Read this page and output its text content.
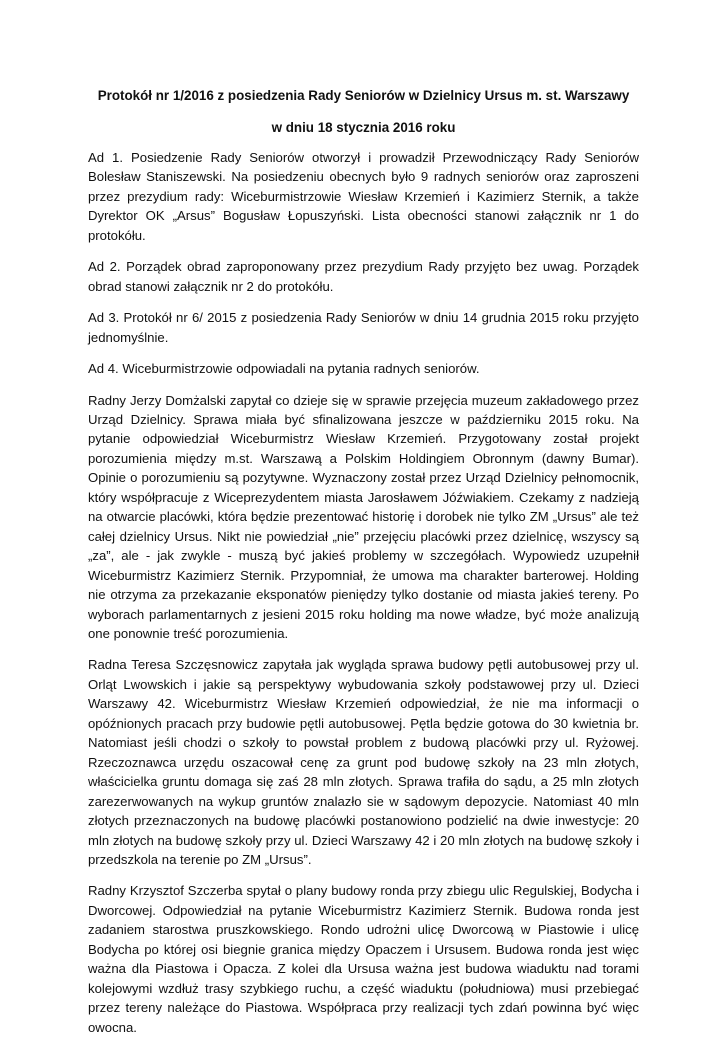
Protokół nr 1/2016 z posiedzenia Rady Seniorów w Dzielnicy Ursus m. st. Warszawy

w dniu 18 stycznia 2016 roku

Ad 1. Posiedzenie Rady Seniorów otworzył i prowadził Przewodniczący Rady Seniorów Bolesław Staniszewski. Na posiedzeniu obecnych było 9 radnych seniorów oraz zaproszeni przez prezydium rady: Wiceburmistrzowie Wiesław Krzemień i Kazimierz Sternik, a także Dyrektor OK „Arsus” Bogusław Łopuszyński. Lista obecności stanowi załącznik nr 1 do protokółu.

Ad 2. Porządek obrad zaproponowany przez prezydium Rady przyjęto bez uwag. Porządek obrad stanowi załącznik nr 2 do protokółu.

Ad 3. Protokół nr 6/ 2015 z posiedzenia Rady Seniorów w dniu 14 grudnia 2015 roku przyjęto jednomyślnie.

Ad 4. Wiceburmistrzowie odpowiadali na pytania radnych seniorów.

Radny Jerzy Domżalski zapytał co dzieje się w sprawie przejęcia muzeum zakładowego przez Urząd Dzielnicy. Sprawa miała być sfinalizowana jeszcze w październiku 2015 roku. Na pytanie odpowiedział Wiceburmistrz Wiesław Krzemień. Przygotowany został projekt porozumienia między m.st. Warszawą a Polskim Holdingiem Obronnym (dawny Bumar). Opinie o porozumieniu są pozytywne. Wyznaczony został przez Urząd Dzielnicy pełnomocnik, który współpracuje z Wiceprezydentem miasta Jarosławem Jóźwiakiem. Czekamy z nadzieją na otwarcie placówki, która będzie prezentować historię i dorobek nie tylko ZM „Ursus” ale też całej dzielnicy Ursus. Nikt nie powiedział „nie” przejęciu placówki przez dzielnicę, wszyscy są „za”, ale - jak zwykle - muszą być jakieś problemy w szczegółach. Wypowiedz uzupełnił Wiceburmistrz Kazimierz Sternik. Przypomniał, że umowa ma charakter barterowej. Holding nie otrzyma za przekazanie eksponatów pieniędzy tylko dostanie od miasta jakieś tereny. Po wyborach parlamentarnych z jesieni 2015 roku holding ma nowe władze, być może analizują one ponownie treść porozumienia.

Radna Teresa Szczęsnowicz zapytała jak wygląda sprawa budowy pętli autobusowej przy ul. Orląt Lwowskich i jakie są perspektywy wybudowania szkoły podstawowej przy ul. Dzieci Warszawy 42. Wiceburmistrz Wiesław Krzemień odpowiedział, że nie ma informacji o opóźnionych pracach przy budowie pętli autobusowej. Pętla będzie gotowa do 30 kwietnia br. Natomiast jeśli chodzi o szkoły to powstał problem z budową placówki przy ul. Ryżowej. Rzeczoznawca urzędu oszacował cenę za grunt pod budowę szkoły na 23 mln złotych, właścicielka gruntu domaga się zaś 28 mln złotych. Sprawa trafiła do sądu, a 25 mln złotych zarezerwowanych na wykup gruntów znalazło sie w sądowym depozycie. Natomiast 40 mln złotych przeznaczonych na budowę placówki postanowiono podzielić na dwie inwestycje: 20 mln złotych na budowę szkoły przy ul. Dzieci Warszawy 42 i 20 mln złotych na budowę szkoły i przedszkola na terenie po ZM „Ursus”.

Radny Krzysztof Szczerba spytał o plany budowy ronda przy zbiegu ulic Regulskiej, Bodycha i Dworcowej. Odpowiedział na pytanie Wiceburmistrz Kazimierz Sternik. Budowa ronda jest zadaniem starostwa pruszkowskiego. Rondo udrożni ulicę Dworcową w Piastowie i ulicę Bodycha po której osi biegnie granica między Opaczem i Ursusem. Budowa ronda jest więc ważna dla Piastowa i Opacza. Z kolei dla Ursusa ważna jest budowa wiaduktu nad torami kolejowymi wzdłuż trasy szybkiego ruchu, a część wiaduktu (południowa) musi przebiegać przez tereny należące do Piastowa. Współpraca przy realizacji tych zdań powinna być więc owocna.
